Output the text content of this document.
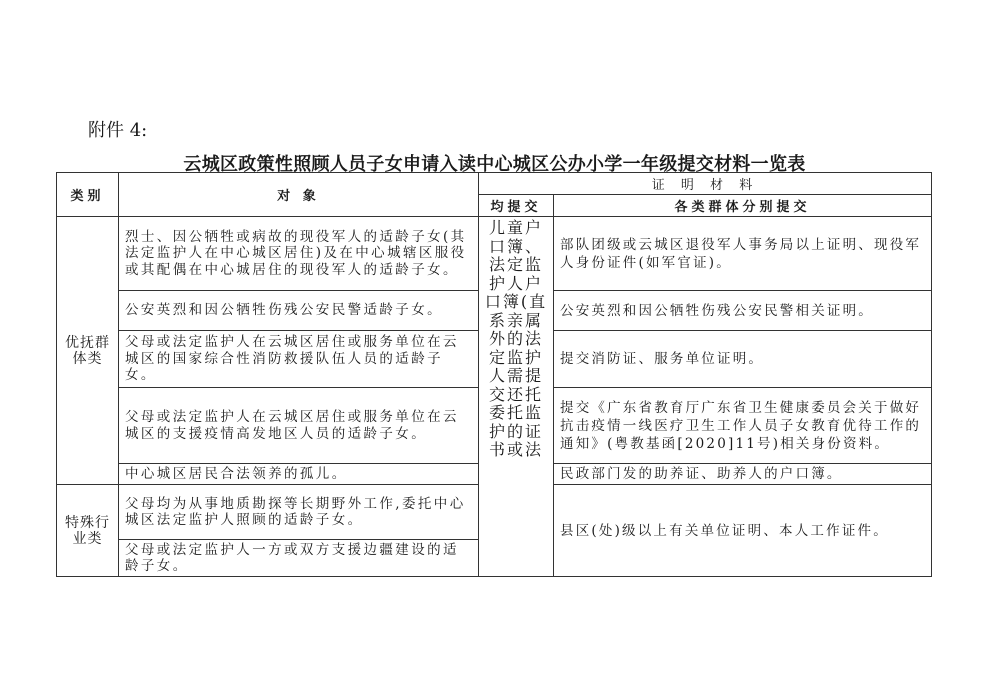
附件 4:
云城区政策性照顾人员子女申请入读中心城区公办小学一年级提交材料一览表
类别	对 象	证 明 材 料	
		均提交	各类群体分别提交
优抚群体类	烈士、因公牺牲或病故的现役军人的适龄子女(其法定监护人在中心城区居住)及在中心城辖区服役或其配偶在中心城居住的现役军人的适龄子女。	儿童户口簿、法定监护人户口簿(直系亲属外的法定监护人需提交还托委托监护的证书或法	部队团级或云城区退役军人事务局以上证明、现役军人身份证件(如军官证)。
	公安英烈和因公牺牲伤残公安民警适龄子女。		公安英烈和因公牺牲伤残公安民警相关证明。
	父母或法定监护人在云城区居住或服务单位在云城区的国家综合性消防救援队伍人员的适龄子女。		提交消防证、服务单位证明。
	父母或法定监护人在云城区居住或服务单位在云城区的支援疫情高发地区人员的适龄子女。		提交《广东省教育厅广东省卫生健康委员会关于做好抗击疫情一线医疗卫生工作人员子女教育优待工作的通知》(粤教基函[2020]11号)相关身份资料。
	中心城区居民合法领养的孤儿。		民政部门发的助养证、助养人的户口簿。
特殊行业类	父母均为从事地质勘探等长期野外工作,委托中心城区法定监护人照顾的适龄子女。		县区(处)级以上有关单位证明、本人工作证件。
	父母或法定监护人一方或双方支援边疆建设的适龄子女。		
